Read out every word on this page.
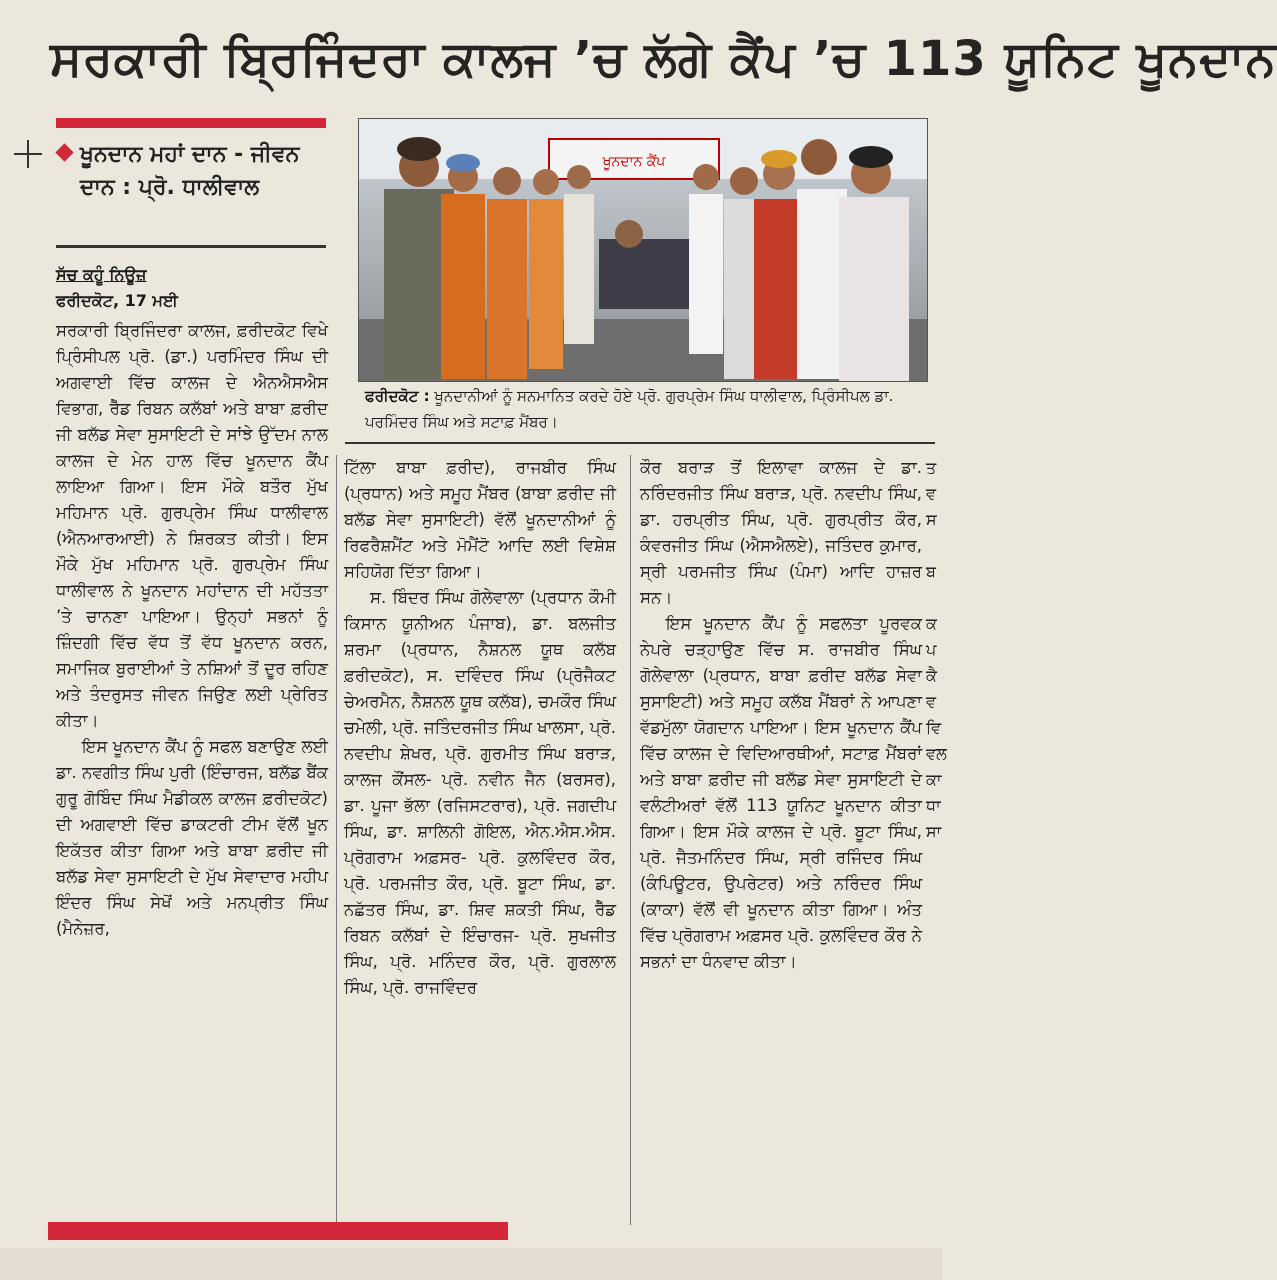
ਸਰਕਾਰੀ ਬ੍ਰਿਜਿੰਦਰਾ ਕਾਲਜ ’ਚ ਲੱਗੇ ਕੈਂਪ ’ਚ 113 ਯੂਨਿਟ ਖੂਨਦਾਨ
ਖੂਨਦਾਨ ਮਹਾਂ ਦਾਨ - ਜੀਵਨ ਦਾਨ : ਪ੍ਰੋ. ਧਾਲੀਵਾਲ
ਸੱਚ ਕਹੂੰ ਨਿਊਜ਼
ਫਰੀਦਕੋਟ, 17 ਮਈ

ਸਰਕਾਰੀ ਬ੍ਰਿਜਿੰਦਰਾ ਕਾਲਜ, ਫ਼ਰੀਦਕੋਟ ਵਿਖੇ ਪ੍ਰਿੰਸੀਪਲ ਪ੍ਰੋ. (ਡਾ.) ਪਰਮਿੰਦਰ ਸਿੰਘ ਦੀ ਅਗਵਾਈ ਵਿੱਚ ਕਾਲਜ ਦੇ ਐਨਐਸਐਸ ਵਿਭਾਗ, ਰੈੱਡ ਰਿਬਨ ਕਲੱਬਾਂ ਅਤੇ ਬਾਬਾ ਫ਼ਰੀਦ ਜੀ ਬਲੱਡ ਸੇਵਾ ਸੁਸਾਇਟੀ ਦੇ ਸਾਂਝੇ ਉੱਦਮ ਨਾਲ ਕਾਲਜ ਦੇ ਮੇਨ ਹਾਲ ਵਿੱਚ ਖੂਨਦਾਨ ਕੈਂਪ ਲਾਇਆ ਗਿਆ। ਇਸ ਮੌਕੇ ਬਤੌਰ ਮੁੱਖ ਮਹਿਮਾਨ ਪ੍ਰੋ. ਗੁਰਪ੍ਰੇਮ ਸਿੰਘ ਧਾਲੀਵਾਲ (ਐਨਆਰਆਈ) ਨੇ ਸ਼ਿਰਕਤ ਕੀਤੀ। ਇਸ ਮੌਕੇ ਮੁੱਖ ਮਹਿਮਾਨ ਪ੍ਰੋ. ਗੁਰਪ੍ਰੇਮ ਸਿੰਘ ਧਾਲੀਵਾਲ ਨੇ ਖੂਨਦਾਨ ਮਹਾਂਦਾਨ ਦੀ ਮਹੱਤਤਾ ’ਤੇ ਚਾਨਣਾ ਪਾਇਆ। ਉਨ੍ਹਾਂ ਸਭਨਾਂ ਨੂੰ ਜ਼ਿੰਦਗੀ ਵਿੱਚ ਵੱਧ ਤੋਂ ਵੱਧ ਖੂਨਦਾਨ ਕਰਨ, ਸਮਾਜਿਕ ਬੁਰਾਈਆਂ ਤੇ ਨਸ਼ਿਆਂ ਤੋਂ ਦੂਰ ਰਹਿਣ ਅਤੇ ਤੰਦਰੁਸਤ ਜੀਵਨ ਜਿਉਣ ਲਈ ਪ੍ਰੇਰਿਤ ਕੀਤਾ।

ਇਸ ਖੂਨਦਾਨ ਕੈਂਪ ਨੂੰ ਸਫਲ ਬਣਾਉਣ ਲਈ ਡਾ. ਨਵਗੀਤ ਸਿੰਘ ਪੁਰੀ (ਇੰਚਾਰਜ, ਬਲੱਡ ਬੈਂਕ ਗੁਰੂ ਗੋਬਿੰਦ ਸਿੰਘ ਮੈਡੀਕਲ ਕਾਲਜ ਫ਼ਰੀਦਕੋਟ) ਦੀ ਅਗਵਾਈ ਵਿੱਚ ਡਾਕਟਰੀ ਟੀਮ ਵੱਲੋਂ ਖੂਨ ਇਕੱਤਰ ਕੀਤਾ ਗਿਆ ਅਤੇ ਬਾਬਾ ਫ਼ਰੀਦ ਜੀ ਬਲੱਡ ਸੇਵਾ ਸੁਸਾਇਟੀ ਦੇ ਮੁੱਖ ਸੇਵਾਦਾਰ ਮਹੀਪ ਇੰਦਰ ਸਿੰਘ ਸੇਖੋਂ ਅਤੇ ਮਨਪ੍ਰੀਤ ਸਿੰਘ (ਮੈਨੇਜ਼ਰ,

ਖੂਨਦਾਨ ਕੈਂਪ
ਫਰੀਦਕੋਟ : ਖੂਨਦਾਨੀਆਂ ਨੂੰ ਸਨਮਾਨਿਤ ਕਰਦੇ ਹੋਏ ਪ੍ਰੋ. ਗੁਰਪ੍ਰੇਮ ਸਿੰਘ ਧਾਲੀਵਾਲ, ਪ੍ਰਿੰਸੀਪਲ ਡਾ. ਪਰਮਿੰਦਰ ਸਿੰਘ ਅਤੇ ਸਟਾਫ਼ ਮੈਂਬਰ।

ਟਿੱਲਾ ਬਾਬਾ ਫ਼ਰੀਦ), ਰਾਜਬੀਰ ਸਿੰਘ (ਪ੍ਰਧਾਨ) ਅਤੇ ਸਮੂਹ ਮੈਂਬਰ (ਬਾਬਾ ਫ਼ਰੀਦ ਜੀ ਬਲੱਡ ਸੇਵਾ ਸੁਸਾਇਟੀ) ਵੱਲੋਂ ਖੂਨਦਾਨੀਆਂ ਨੂੰ ਰਿਫਰੈਸ਼ਮੈਂਟ ਅਤੇ ਮੋਮੈਂਟੋ ਆਦਿ ਲਈ ਵਿਸ਼ੇਸ਼ ਸਹਿਯੋਗ ਦਿੱਤਾ ਗਿਆ।

ਸ. ਬਿੰਦਰ ਸਿੰਘ ਗੋਲੇਵਾਲਾ (ਪ੍ਰਧਾਨ ਕੌਮੀ ਕਿਸਾਨ ਯੂਨੀਅਨ ਪੰਜਾਬ), ਡਾ. ਬਲਜੀਤ ਸ਼ਰਮਾ (ਪ੍ਰਧਾਨ, ਨੈਸ਼ਨਲ ਯੂਥ ਕਲੱਬ ਫ਼ਰੀਦਕੋਟ), ਸ. ਦਵਿੰਦਰ ਸਿੰਘ (ਪ੍ਰੋਜੈਕਟ ਚੇਅਰਮੈਨ, ਨੈਸ਼ਨਲ ਯੂਥ ਕਲੱਬ), ਚਮਕੌਰ ਸਿੰਘ ਚਮੇਲੀ, ਪ੍ਰੋ. ਜਤਿੰਦਰਜੀਤ ਸਿੰਘ ਖਾਲਸਾ, ਪ੍ਰੋ. ਨਵਦੀਪ ਸ਼ੇਖਰ, ਪ੍ਰੋ. ਗੁਰਮੀਤ ਸਿੰਘ ਬਰਾੜ, ਕਾਲਜ ਕੌਂਸਲ- ਪ੍ਰੋ. ਨਵੀਨ ਜੈਨ (ਬਰਸਰ), ਡਾ. ਪੂਜਾ ਭੱਲਾ (ਰਜਿਸਟਰਾਰ), ਪ੍ਰੋ. ਜਗਦੀਪ ਸਿੰਘ, ਡਾ. ਸ਼ਾਲਿਨੀ ਗੋਇਲ, ਐਨ.ਐਸ.ਐਸ. ਪ੍ਰੋਗਰਾਮ ਅਫ਼ਸਰ- ਪ੍ਰੋ. ਕੁਲਵਿੰਦਰ ਕੌਰ, ਪ੍ਰੋ. ਪਰਮਜੀਤ ਕੌਰ, ਪ੍ਰੋ. ਬੂਟਾ ਸਿੰਘ, ਡਾ. ਨਛੱਤਰ ਸਿੰਘ, ਡਾ. ਸ਼ਿਵ ਸ਼ਕਤੀ ਸਿੰਘ, ਰੈੱਡ ਰਿਬਨ ਕਲੱਬਾਂ ਦੇ ਇੰਚਾਰਜ- ਪ੍ਰੋ. ਸੁਖਜੀਤ ਸਿੰਘ, ਪ੍ਰੋ. ਮਨਿੰਦਰ ਕੌਰ, ਪ੍ਰੋ. ਗੁਰਲਾਲ ਸਿੰਘ, ਪ੍ਰੋ. ਰਾਜਵਿੰਦਰ

ਕੌਰ ਬਰਾੜ ਤੋਂ ਇਲਾਵਾ ਕਾਲਜ ਦੇ ਡਾ. ਨਰਿੰਦਰਜੀਤ ਸਿੰਘ ਬਰਾੜ, ਪ੍ਰੋ. ਨਵਦੀਪ ਸਿੰਘ, ਡਾ. ਹਰਪ੍ਰੀਤ ਸਿੰਘ, ਪ੍ਰੋ. ਗੁਰਪ੍ਰੀਤ ਕੌਰ, ਕੰਵਰਜੀਤ ਸਿੰਘ (ਐਸਐਲਏ), ਜਤਿੰਦਰ ਕੁਮਾਰ, ਸ੍ਰੀ ਪਰਮਜੀਤ ਸਿੰਘ (ਪੰਮਾ) ਆਦਿ ਹਾਜ਼ਰ ਸਨ।

ਇਸ ਖੂਨਦਾਨ ਕੈਂਪ ਨੂੰ ਸਫਲਤਾ ਪੂਰਵਕ ਨੇਪਰੇ ਚੜ੍ਹਾਉਣ ਵਿੱਚ ਸ. ਰਾਜਬੀਰ ਸਿੰਘ ਗੋਲੇਵਾਲਾ (ਪ੍ਰਧਾਨ, ਬਾਬਾ ਫ਼ਰੀਦ ਬਲੱਡ ਸੇਵਾ ਸੁਸਾਇਟੀ) ਅਤੇ ਸਮੂਹ ਕਲੱਬ ਮੈਂਬਰਾਂ ਨੇ ਆਪਣਾ ਵੱਡਮੁੱਲਾ ਯੋਗਦਾਨ ਪਾਇਆ। ਇਸ ਖੂਨਦਾਨ ਕੈਂਪ ਵਿੱਚ ਕਾਲਜ ਦੇ ਵਿਦਿਆਰਥੀਆਂ, ਸਟਾਫ਼ ਮੈਂਬਰਾਂ ਅਤੇ ਬਾਬਾ ਫ਼ਰੀਦ ਜੀ ਬਲੱਡ ਸੇਵਾ ਸੁਸਾਇਟੀ ਦੇ ਵਲੰਟੀਅਰਾਂ ਵੱਲੋਂ 113 ਯੂਨਿਟ ਖੂਨਦਾਨ ਕੀਤਾ ਗਿਆ। ਇਸ ਮੌਕੇ ਕਾਲਜ ਦੇ ਪ੍ਰੋ. ਬੂਟਾ ਸਿੰਘ, ਪ੍ਰੋ. ਜੈਤਮਨਿੰਦਰ ਸਿੰਘ, ਸ੍ਰੀ ਰਜਿੰਦਰ ਸਿੰਘ (ਕੰਪਿਊਟਰ, ਉਪਰੇਟਰ) ਅਤੇ ਨਰਿੰਦਰ ਸਿੰਘ (ਕਾਕਾ) ਵੱਲੋਂ ਵੀ ਖੂਨਦਾਨ ਕੀਤਾ ਗਿਆ। ਅੰਤ ਵਿੱਚ ਪ੍ਰੋਗਰਾਮ ਅਫ਼ਸਰ ਪ੍ਰੋ. ਕੁਲਵਿੰਦਰ ਕੌਰ ਨੇ ਸਭਨਾਂ ਦਾ ਧੰਨਵਾਦ ਕੀਤਾ।

ਤ
ਵ
ਸ

ਬ

ਕ
ਪ
ਕੈ
ਵ
ਵਿ
ਵਲ
ਕਾ
ਧਾ
ਸਾ
